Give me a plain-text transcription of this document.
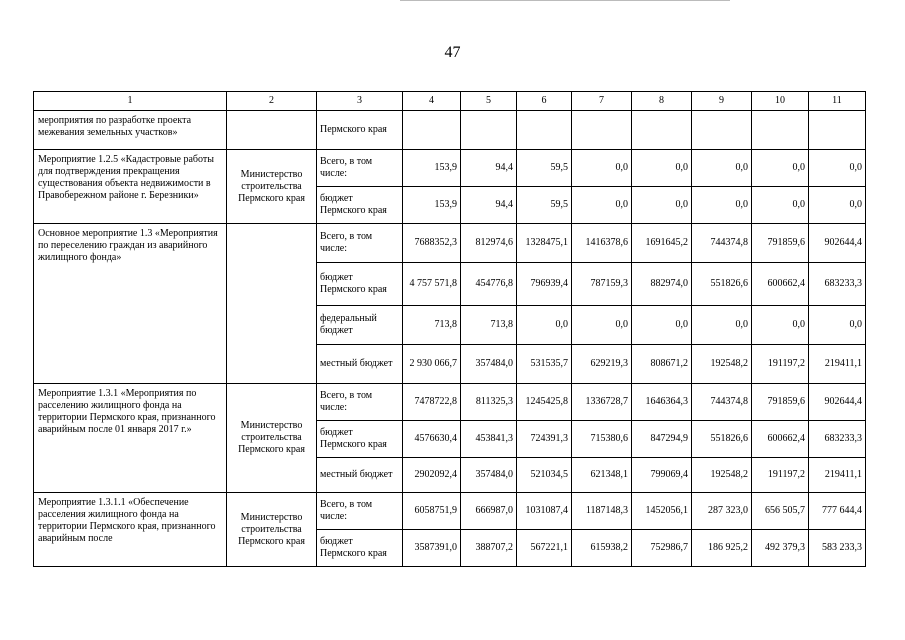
47
1	2	3	4	5	6	7	8	9	10	11
мероприятия по разработке проекта межевания земельных участков»		Пермского края								
Мероприятие 1.2.5 «Кадастровые работы для подтверждения прекращения существования объекта недвижимости в Правобережном районе г. Березники»	Министерство строительства Пермского края	Всего, в том числе:	153,9	94,4	59,5	0,0	0,0	0,0	0,0	0,0
		бюджет Пермского края	153,9	94,4	59,5	0,0	0,0	0,0	0,0	0,0
Основное мероприятие 1.3 «Мероприятия по переселению граждан из аварийного жилищного фонда»		Всего, в том числе:	7688352,3	812974,6	1328475,1	1416378,6	1691645,2	744374,8	791859,6	902644,4
		бюджет Пермского края	4 757 571,8	454776,8	796939,4	787159,3	882974,0	551826,6	600662,4	683233,3
		федеральный бюджет	713,8	713,8	0,0	0,0	0,0	0,0	0,0	0,0
		местный бюджет	2 930 066,7	357484,0	531535,7	629219,3	808671,2	192548,2	191197,2	219411,1
Мероприятие 1.3.1 «Мероприятия по расселению жилищного фонда на территории Пермского края, признанного аварийным после 01 января 2017 г.»	Министерство строительства Пермского края	Всего, в том числе:	7478722,8	811325,3	1245425,8	1336728,7	1646364,3	744374,8	791859,6	902644,4
		бюджет Пермского края	4576630,4	453841,3	724391,3	715380,6	847294,9	551826,6	600662,4	683233,3
		местный бюджет	2902092,4	357484,0	521034,5	621348,1	799069,4	192548,2	191197,2	219411,1
Мероприятие 1.3.1.1 «Обеспечение расселения жилищного фонда на территории Пермского края, признанного аварийным после	Министерство строительства Пермского края	Всего, в том числе:	6058751,9	666987,0	1031087,4	1187148,3	1452056,1	287 323,0	656 505,7	777 644,4
		бюджет Пермского края	3587391,0	388707,2	567221,1	615938,2	752986,7	186 925,2	492 379,3	583 233,3
